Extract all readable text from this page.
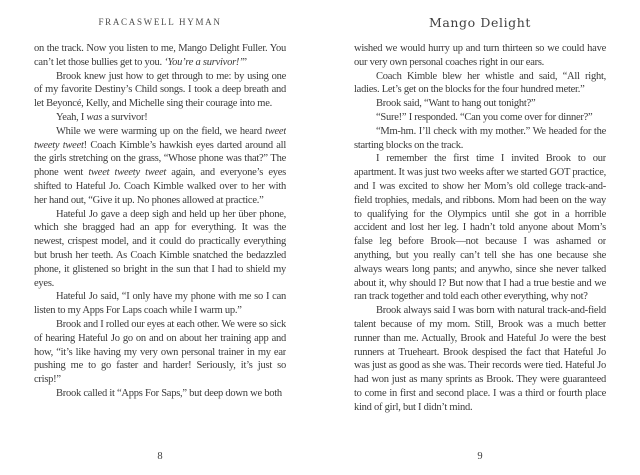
FRACASWELL HYMAN

on the track. Now you listen to me, Mango Delight Fuller. You can’t let those bullies get to you. ‘You’re a survivor!’”

Brook knew just how to get through to me: by using one of my favorite Destiny’s Child songs. I took a deep breath and let Beyoncé, Kelly, and Michelle sing their courage into me.

Yeah, I was a survivor!

While we were warming up on the field, we heard tweet tweety tweet! Coach Kimble’s hawkish eyes darted around all the girls stretching on the grass, “Whose phone was that?” The phone went tweet tweety tweet again, and everyone’s eyes shifted to Hateful Jo. Coach Kimble walked over to her with her hand out, “Give it up. No phones allowed at practice.”

Hateful Jo gave a deep sigh and held up her über phone, which she bragged had an app for everything. It was the newest, crispest model, and it could do practically everything but brush her teeth. As Coach Kimble snatched the bedazzled phone, it glistened so bright in the sun that I had to shield my eyes.

Hateful Jo said, “I only have my phone with me so I can listen to my Apps For Laps coach while I warm up.”

Brook and I rolled our eyes at each other. We were so sick of hearing Hateful Jo go on and on about her training app and how, “it’s like having my very own personal trainer in my ear pushing me to go faster and harder! Seriously, it’s just so crisp!”

Brook called it “Apps For Saps,” but deep down we both

8
Mango Delight

wished we would hurry up and turn thirteen so we could have our very own personal coaches right in our ears.

Coach Kimble blew her whistle and said, “All right, ladies. Let’s get on the blocks for the four hundred meter.”

Brook said, “Want to hang out tonight?”

“Sure!” I responded. “Can you come over for dinner?”

“Mm-hm. I’ll check with my mother.” We headed for the starting blocks on the track.

I remember the first time I invited Brook to our apartment. It was just two weeks after we started GOT practice, and I was excited to show her Mom’s old college track-and-field trophies, medals, and ribbons. Mom had been on the way to qualifying for the Olympics until she got in a horrible accident and lost her leg. I hadn’t told anyone about Mom’s false leg before Brook—not because I was ashamed or anything, but you really can’t tell she has one because she always wears long pants; and anywho, since she never talked about it, why should I? But now that I had a true bestie and we ran track together and told each other everything, why not?

Brook always said I was born with natural track-and-field talent because of my mom. Still, Brook was a much better runner than me. Actually, Brook and Hateful Jo were the best runners at Trueheart. Brook despised the fact that Hateful Jo was just as good as she was. Their records were tied. Hateful Jo had won just as many sprints as Brook. They were guaranteed to come in first and second place. I was a third or fourth place kind of girl, but I didn’t mind.

9
